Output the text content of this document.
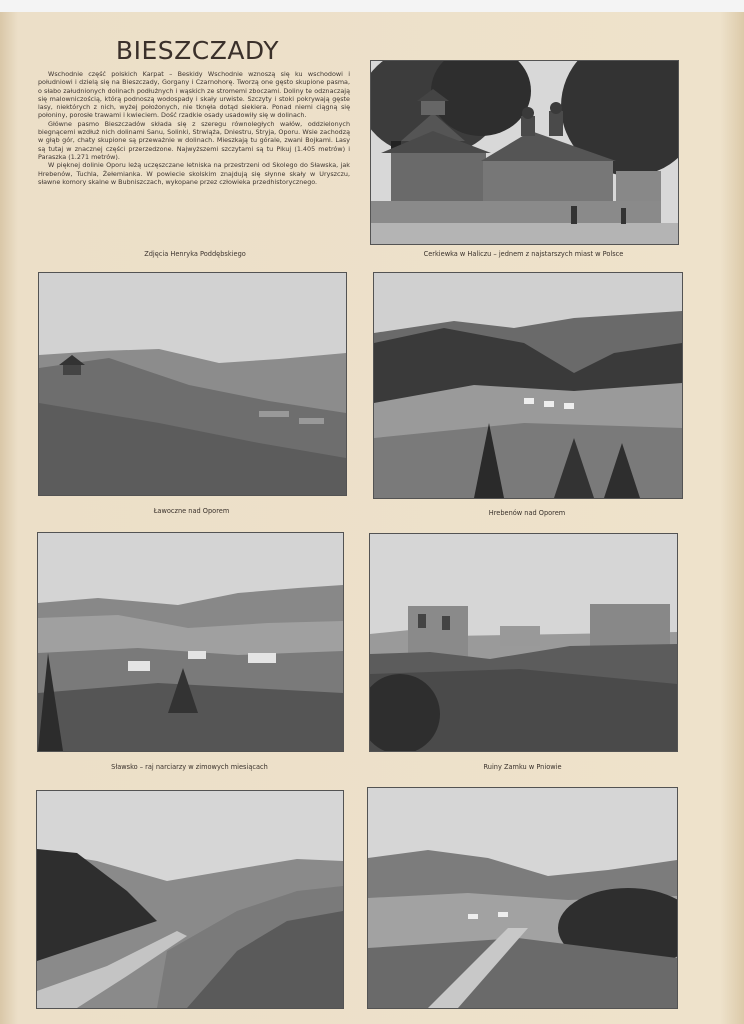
BIESZCZADY

Wschodnie część polskich Karpat – Beskidy Wschodnie wznoszą się ku wschodowi i południowi i dzielą się na Bieszczady, Gorgany i Czarnohorę. Tworzą one gęsto skupione pasma, o słabo załudnionych dolinach podłużnych i wąskich ze stromemi zboczami. Doliny te odznaczają się malowniczością, którą podnoszą wodospady i skały urwiste. Szczyty i stoki pokrywają gęste lasy, niektórych z nich, wyżej położonych, nie tknęła dotąd siekiera. Ponad niemi ciągną się połoniny, porosłe trawami i kwieciem. Dość rzadkie osady usadowiły się w dolinach.

Główne pasmo Bieszczadów składa się z szeregu równoległych wałów, oddzielonych biegnącemi wzdłuż nich dolinami Sanu, Solinki, Strwiąża, Dniestru, Stryja, Oporu. Wsie zachodzą w głąb gór, chaty skupione są przeważnie w dolinach. Mieszkają tu górale, zwani Bojkami. Lasy są tutaj w znacznej części przerzedzone. Najwyższemi szczytami są tu Pikuj (1.405 metrów) i Paraszka (1.271 metrów).

W pięknej dolinie Oporu leżą uczęszczane letniska na przestrzeni od Skolego do Sławska, jak Hrebenów, Tuchla, Żełemianka. W powiecie skolskim znajdują się słynne skały w Uryszczu, sławne komory skalne w Bubniszczach, wykopane przez człowieka przedhistorycznego.

Zdjęcia Henryka Poddębskiego	Cerkiewka w Haliczu – jednem z najstarszych miast w Polsce
Ławoczne nad Oporem	Hrebenów nad Oporem
Sławsko – raj narciarzy w zimowych miesiącach	Ruiny Zamku w Pniowie
